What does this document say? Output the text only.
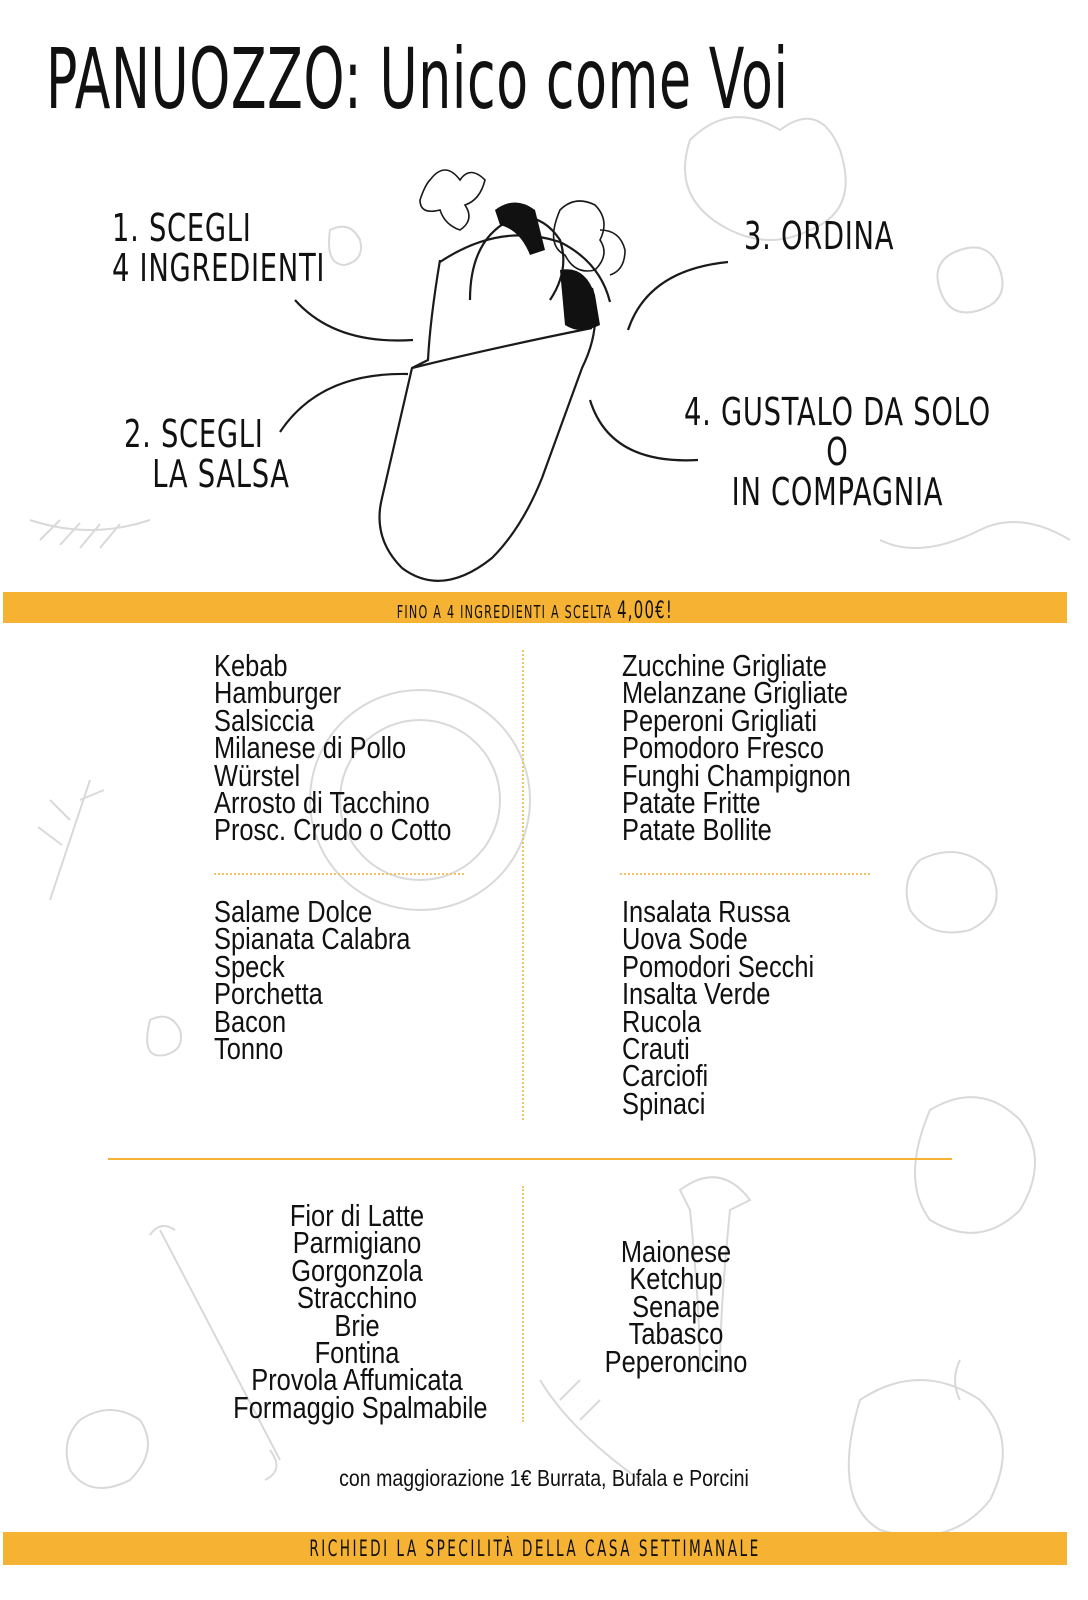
PANUOZZO: Unico come Voi
1. SCEGLI
4 INGREDIENTI
2. SCEGLI
LA SALSA
3. ORDINA
4. GUSTALO DA SOLO
O
IN COMPAGNIA
FINO A 4 INGREDIENTI A SCELTA 4,00€!
Kebab
Hamburger
Salsiccia
Milanese di Pollo
Würstel
Arrosto di Tacchino
Prosc. Crudo o Cotto
Zucchine Grigliate
Melanzane Grigliate
Peperoni Grigliati
Pomodoro Fresco
Funghi Champignon
Patate Fritte
Patate Bollite
Salame Dolce
Spianata Calabra
Speck
Porchetta
Bacon
Tonno
Insalata Russa
Uova Sode
Pomodori Secchi
Insalta Verde
Rucola
Crauti
Carciofi
Spinaci
Fior di Latte
Parmigiano
Gorgonzola
Stracchino
Brie
Fontina
Provola Affumicata
Formaggio Spalmabile
Maionese
Ketchup
Senape
Tabasco
Peperoncino
con maggiorazione 1€ Burrata, Bufala e Porcini
RICHIEDI LA SPECILITÀ DELLA CASA SETTIMANALE
